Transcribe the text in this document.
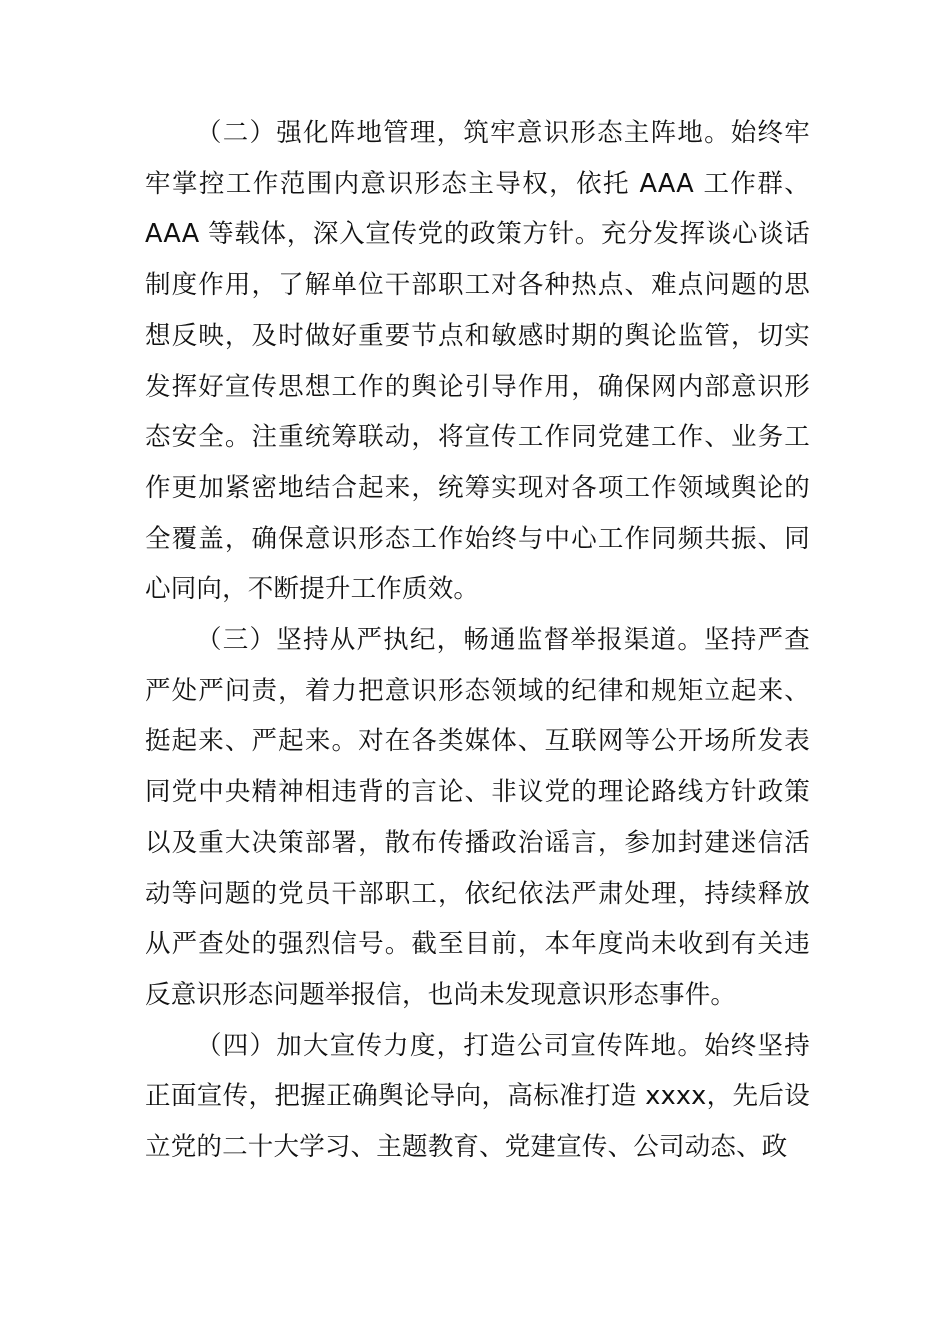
（二）强化阵地管理，筑牢意识形态主阵地。始终牢牢掌控工作范围内意识形态主导权，依托 AAA 工作群、AAA 等载体，深入宣传党的政策方针。充分发挥谈心谈话制度作用，了解单位干部职工对各种热点、难点问题的思想反映，及时做好重要节点和敏感时期的舆论监管，切实发挥好宣传思想工作的舆论引导作用，确保网内部意识形态安全。注重统筹联动，将宣传工作同党建工作、业务工作更加紧密地结合起来，统筹实现对各项工作领域舆论的全覆盖，确保意识形态工作始终与中心工作同频共振、同心同向，不断提升工作质效。

（三）坚持从严执纪，畅通监督举报渠道。坚持严查严处严问责，着力把意识形态领域的纪律和规矩立起来、挺起来、严起来。对在各类媒体、互联网等公开场所发表同党中央精神相违背的言论、非议党的理论路线方针政策以及重大决策部署，散布传播政治谣言，参加封建迷信活动等问题的党员干部职工，依纪依法严肃处理，持续释放从严查处的强烈信号。截至目前，本年度尚未收到有关违反意识形态问题举报信，也尚未发现意识形态事件。

（四）加大宣传力度，打造公司宣传阵地。始终坚持正面宣传，把握正确舆论导向，高标准打造 xxxx，先后设立党的二十大学习、主题教育、党建宣传、公司动态、政
